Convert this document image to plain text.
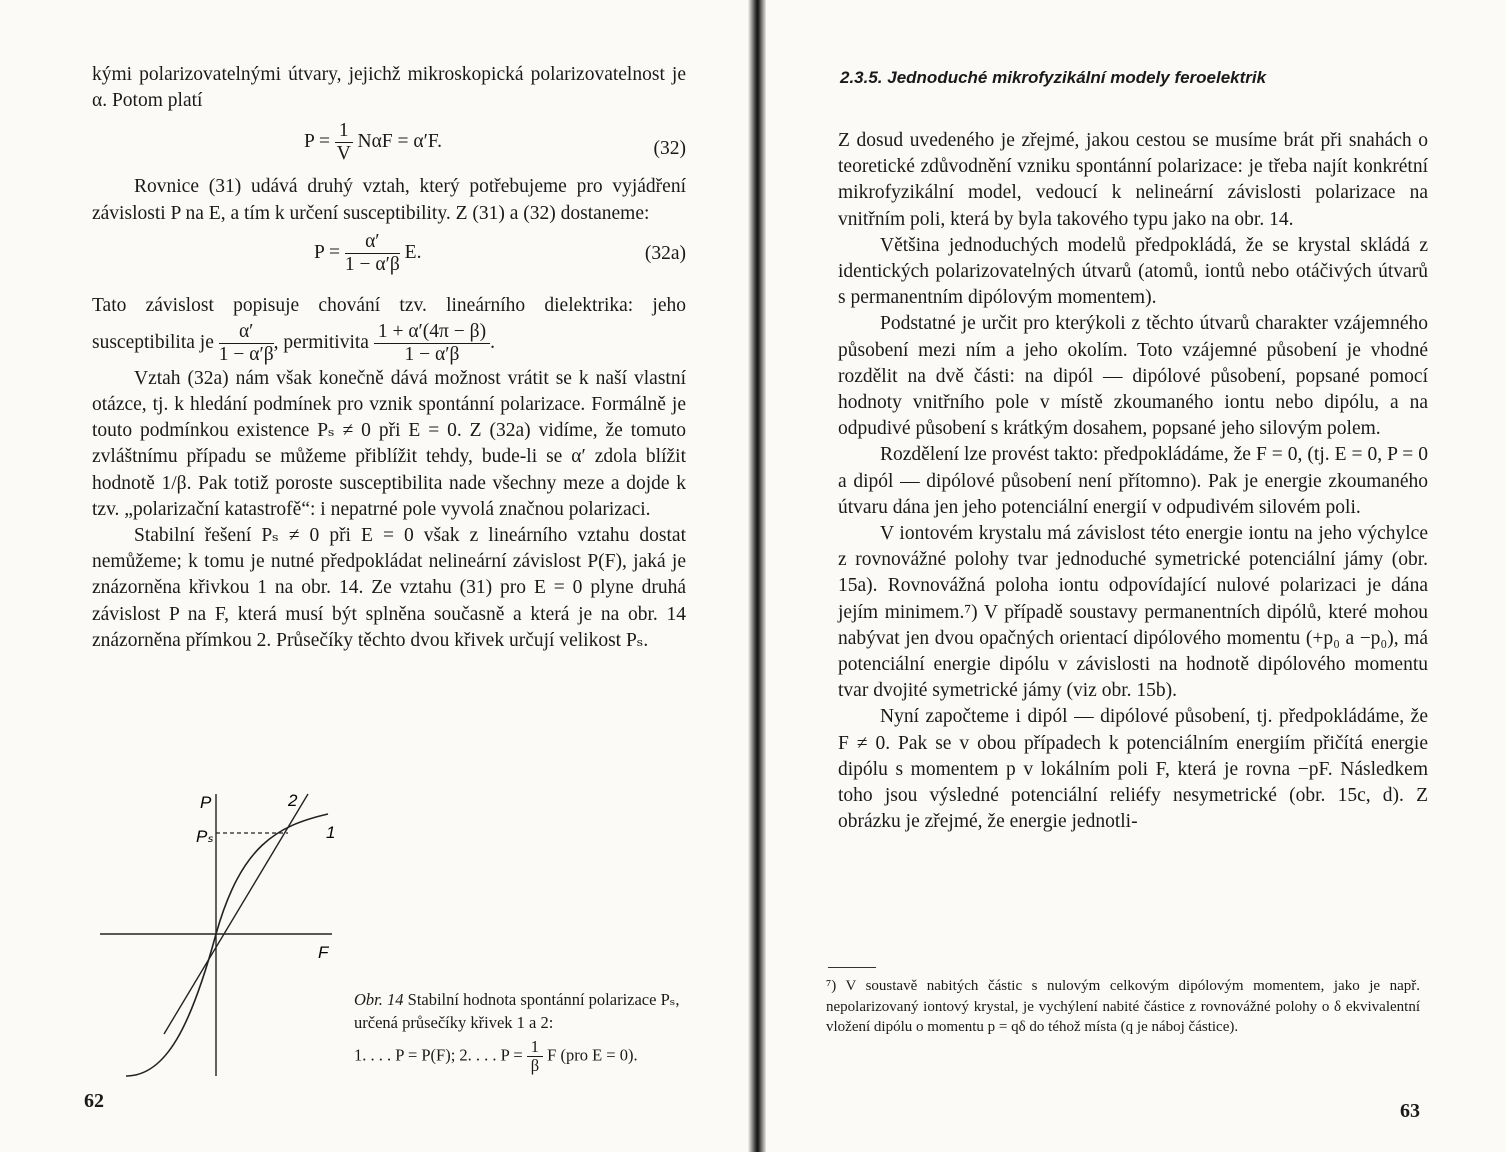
kými polarizovatelnými útvary, jejichž mikroskopická polarizovatelnost je α. Potom platí

$P = \frac{1}{V}$ NαF = α′F.	(32)

Rovnice (31) udává druhý vztah, který potřebujeme pro vyjádření závislosti P na E, a tím k určení susceptibility. Z (31) a (32) dostaneme:

$P = \frac{\alpha'}{1 - \alpha'\beta} E$.	(32a)

Tato závislost popisuje chování tzv. lineárního dielektrika: jeho susceptibilita je $\frac{\alpha'}{1 - \alpha'\beta}$ , permitivita $\frac{1 + \alpha'(4\pi - \beta)}{1 - \alpha'\beta}$ .

Vztah (32a) nám však konečně dává možnost vrátit se k naší vlastní otázce, tj. k hledání podmínek pro vznik spontánní polarizace. Formálně je touto podmínkou existence Pₛ ≠ 0 při E = 0. Z (32a) vidíme, že tomuto zvláštnímu případu se můžeme přiblížit tehdy, bude-li se α′ zdola blížit hodnotě 1/β. Pak totiž poroste susceptibilita nade všechny meze a dojde k tzv. „polarizační katastrofě“: i nepatrné pole vyvolá značnou polarizaci.

Stabilní řešení Pₛ ≠ 0 při E = 0 však z lineárního vztahu dostat nemůžeme; k tomu je nutné předpokládat nelineární závislost P(F), jaká je znázorněna křivkou 1 na obr. 14. Ze vztahu (31) pro E = 0 plyne druhá závislost P na F, která musí být splněna současně a která je na obr. 14 znázorněna přímkou 2. Průsečíky těchto dvou křivek určují velikost Pₛ.

P
Pₛ
F
1
2
Obr. 14 Stabilní hodnota spontánní polarizace Pₛ, určená průsečíky křivek 1 a 2:
1. . . . P = P(F); 2. . . . $P = \frac{1}{\beta}$ F (pro E = 0).
62
2.3.5. Jednoduché mikrofyzikální modely feroelektrik

Z dosud uvedeného je zřejmé, jakou cestou se musíme brát při snahách o teoretické zdůvodnění vzniku spontánní polarizace: je třeba najít konkrétní mikrofyzikální model, vedoucí k nelineární závislosti polarizace na vnitřním poli, která by byla takového typu jako na obr. 14.

Většina jednoduchých modelů předpokládá, že se krystal skládá z identických polarizovatelných útvarů (atomů, iontů nebo otáčivých útvarů s permanentním dipólovým momentem).

Podstatné je určit pro kterýkoli z těchto útvarů charakter vzájemného působení mezi ním a jeho okolím. Toto vzájemné působení je vhodné rozdělit na dvě části: na dipól — dipólové působení, popsané pomocí hodnoty vnitřního pole v místě zkoumaného iontu nebo dipólu, a na odpudivé působení s krátkým dosahem, popsané jeho silovým polem.

Rozdělení lze provést takto: předpokládáme, že F = 0, (tj. E = 0, P = 0 a dipól — dipólové působení není přítomno). Pak je energie zkoumaného útvaru dána jen jeho potenciální energií v odpudivém silovém poli.

V iontovém krystalu má závislost této energie iontu na jeho výchylce z rovnovážné polohy tvar jednoduché symetrické potenciální jámy (obr. 15a). Rovnovážná poloha iontu odpovídající nulové polarizaci je dána jejím minimem.⁷) V případě soustavy permanentních dipólů, které mohou nabývat jen dvou opačných orientací dipólového momentu (+p₀ a −p₀), má potenciální energie dipólu v závislosti na hodnotě dipólového momentu tvar dvojité symetrické jámy (viz obr. 15b).

Nyní započteme i dipól — dipólové působení, tj. předpokládáme, že F ≠ 0. Pak se v obou případech k potenciálním energiím přičítá energie dipólu s momentem p v lokálním poli F, která je rovna −pF. Následkem toho jsou výsledné potenciální reliéfy nesymetrické (obr. 15c, d). Z obrázku je zřejmé, že energie jednotli-

63
⁷) V soustavě nabitých částic s nulovým celkovým dipólovým momentem, jako je např. nepolarizovaný iontový krystal, je vychýlení nabité částice z rovnovážné polohy o δ ekvivalentní vložení dipólu o momentu p = qδ do téhož místa (q je náboj částice).
